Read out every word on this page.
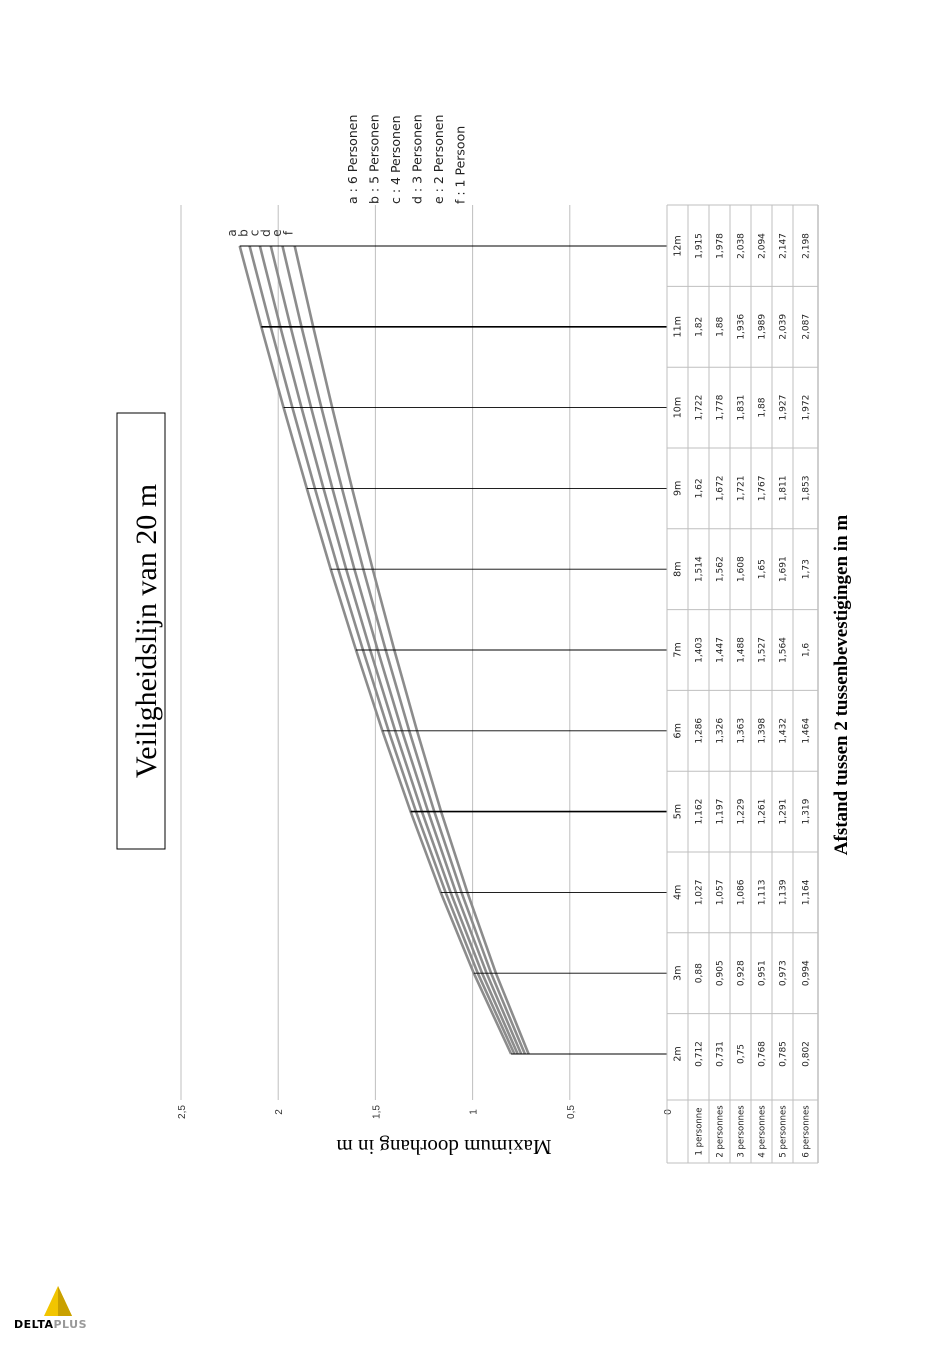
Veiligheidslijn van 20 m	Afstand tussen 2 tussenbevestigingen in m
Maximum doorhang in m
a
b
c
d
e
f
a : 6 Personen b : 5 Personen c : 4 Personen d : 3 Personen e : 2 Personen f : 1 Persoon
0
0,5
1
1,5
2
2,5
2m
3m
4m
5m
6m
7m
8m
9m
10m
11m
12m
1 personne
0,712
0,88
1,027
1,162
1,286
1,403
1,514
1,62
1,722
1,82
1,915
2 personnes
0,731
0,905
1,057
1,197
1,326
1,447
1,562
1,672
1,778
1,88
1,978
3 personnes
0,75
0,928
1,086
1,229
1,363
1,488
1,608
1,721
1,831
1,936
2,038
4 personnes
0,768
0,951
1,113
1,261
1,398
1,527
1,65
1,767
1,88
1,989
2,094
5 personnes
0,785
0,973
1,139
1,291
1,432
1,564
1,691
1,811
1,927
2,039
2,147
6 personnes
0,802
0,994
1,164
1,319
1,464
1,6
1,73
1,853
1,972
2,087
2,198
DELTAPLUS
